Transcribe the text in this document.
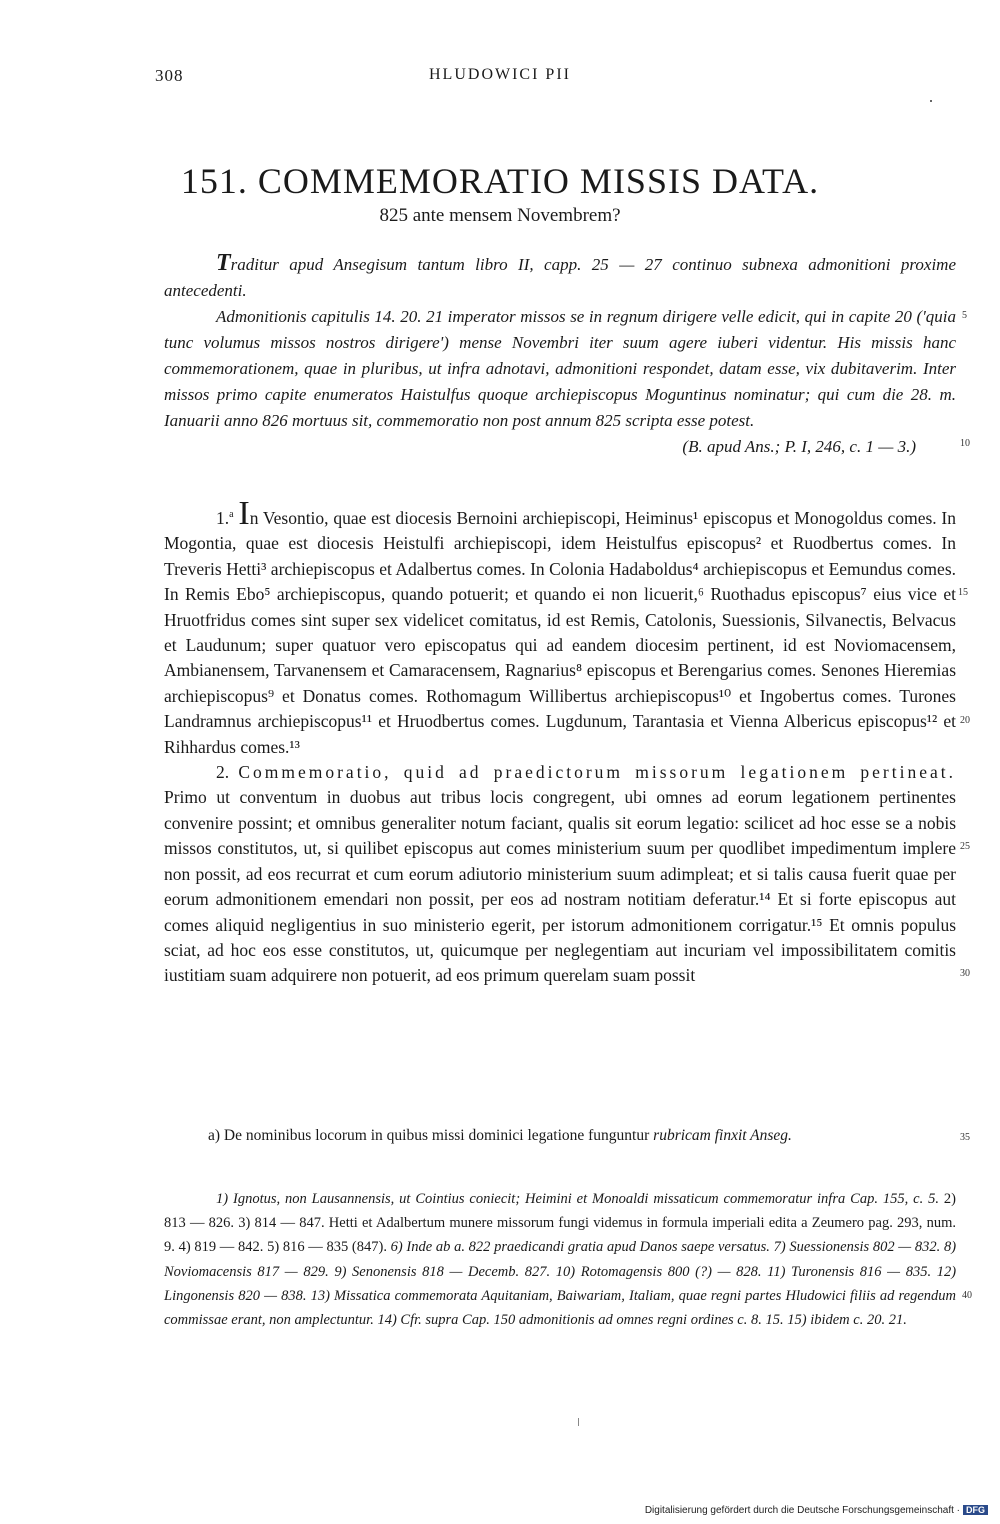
308	HLUDOWICI PII
151. COMMEMORATIO MISSIS DATA.
825 ante mensem Novembrem?

Traditur apud Ansegisum tantum libro II, capp. 25 — 27 continuo subnexa admonitioni proxime antecedenti.

Admonitionis capitulis 14. 20. 21 imperator missos se in regnum dirigere velle edicit, qui in capite 20 ('quia tunc volumus missos nostros dirigere') mense Novembri iter suum agere iuberi videntur. His missis hanc commemorationem, quae in pluribus, ut infra adnotavi, admonitioni respondet, datam esse, vix dubitaverim. Inter missos primo capite enumeratos Haistulfus quoque archiepiscopus Moguntinus nominatur; qui cum die 28. m. Ianuarii anno 826 mortuus sit, commemoratio non post annum 825 scripta esse potest.

(B. apud Ans.; P. I, 246, c. 1 — 3.)

1.$^a$ In Vesontio, quae est diocesis Bernoini archiepiscopi, Heiminus¹ episcopus et Monogoldus comes. In Mogontia, quae est diocesis Heistulfi archiepiscopi, idem Heistulfus episcopus² et Ruodbertus comes. In Treveris Hetti³ archiepiscopus et Adalbertus comes. In Colonia Hadaboldus⁴ archiepiscopus et Eemundus comes. In Remis Ebo⁵ archiepiscopus, quando potuerit; et quando ei non licuerit,⁶ Ruothadus episcopus⁷ eius vice et Hruotfridus comes sint super sex videlicet comitatus, id est Remis, Catolonis, Suessionis, Silvanectis, Belvacus et Laudunum; super quatuor vero episcopatus qui ad eandem diocesim pertinent, id est Noviomacensem, Ambianensem, Tarvanensem et Camaracensem, Ragnarius⁸ episcopus et Berengarius comes. Senones Hieremias archiepiscopus⁹ et Donatus comes. Rothomagum Willibertus archiepiscopus¹⁰ et Ingobertus comes. Turones Landramnus archiepiscopus¹¹ et Hruodbertus comes. Lugdunum, Tarantasia et Vienna Albericus episcopus¹² et Rihhardus comes.¹³

2. Commemoratio, quid ad praedictorum missorum legationem pertineat. Primo ut conventum in duobus aut tribus locis congregent, ubi omnes ad eorum legationem pertinentes convenire possint; et omnibus generaliter notum faciant, qualis sit eorum legatio: scilicet ad hoc esse se a nobis missos constitutos, ut, si quilibet episcopus aut comes ministerium suum per quodlibet impedimentum implere non possit, ad eos recurrat et cum eorum adiutorio ministerium suum adimpleat; et si talis causa fuerit quae per eorum admonitionem emendari non possit, per eos ad nostram notitiam deferatur.¹⁴ Et si forte episcopus aut comes aliquid negligentius in suo ministerio egerit, per istorum admonitionem corrigatur.¹⁵ Et omnis populus sciat, ad hoc eos esse constitutos, ut, quicumque per neglegentiam aut incuriam vel impossibilitatem comitis iustitiam suam adquirere non potuerit, ad eos primum querelam suam possit

5
10
15
20
25
30
35
40
a) De nominibus locorum in quibus missi dominici legatione funguntur rubricam finxit Anseg.

1) Ignotus, non Lausannensis, ut Cointius coniecit; Heimini et Monoaldi missaticum commemoratur infra Cap. 155, c. 5. 2) 813 — 826. 3) 814 — 847. Hetti et Adalbertum munere missorum fungi videmus in formula imperiali edita a Zeumero pag. 293, num. 9. 4) 819 — 842. 5) 816 — 835 (847). 6) Inde ab a. 822 praedicandi gratia apud Danos saepe versatus. 7) Suessionensis 802 — 832. 8) Noviomacensis 817 — 829. 9) Senonensis 818 — Decemb. 827. 10) Rotomagensis 800 (?) — 828. 11) Turonensis 816 — 835. 12) Lingonensis 820 — 838. 13) Missatica commemorata Aquitaniam, Baiwariam, Italiam, quae regni partes Hludowici filiis ad regendum commissae erant, non amplectuntur. 14) Cfr. supra Cap. 150 admonitionis ad omnes regni ordines c. 8. 15. 15) ibidem c. 20. 21.

Digitalisierung gefördert durch die Deutsche Forschungsgemeinschaft · DFG
